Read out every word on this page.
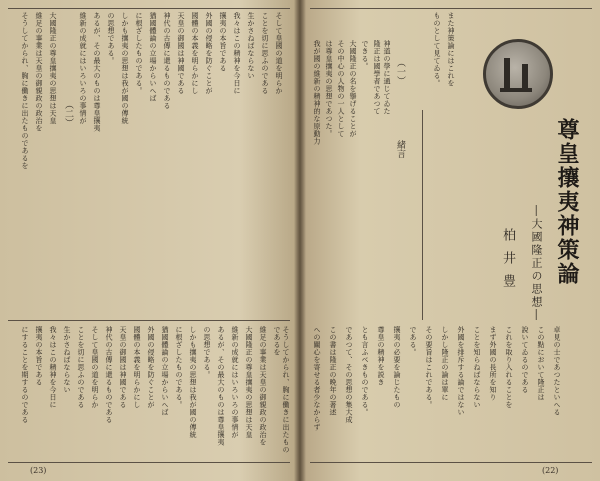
そうしてかられ、胸に働きに出たものであるを 維足の事業は天皇の御親政の政治を 大國隆正の尊皇攘夷の思想は天皇 （二） 維新の成就にはいろいろの事情が あるが、その最大のものは尊皇攘夷 の思想である。 しかも攘夷の思想は我が國の傳統 に根ざしたものである。 猶國體論の立場からいへば 神代の古傳に還るものである 天皇の御國は神國である 國體の本義を明らかにし 外國の侵略を防ぐことが 攘夷の本旨である 我々はこの精神を今日に 生かさねばならない ことを切に思ふのである そして皇國の道を明らか
にすることを期するのである 攘夷の本旨である 我々はこの精神を今日に 生かさねばならない ことを切に思ふのである そして皇國の道を明らか 神代の古傳に還るものである 天皇の御國は神國である 國體の本義を明らかにし 外國の侵略を防ぐことが 猶國體論の立場からいへば に根ざしたものである。 しかも攘夷の思想は我が國の傳統 の思想である。 あるが、その最大のものは尊皇攘夷 維新の成就にはいろいろの事情が 大國隆正の尊皇攘夷の思想は天皇 維足の事業は天皇の御親政の政治を	そうしてかられ、胸に働きに出たものであるを
(23)
ものとして見てゐる。 また神策論にはこれを
（一）
緒言
我が國の維新の精神的な原動力 は尊皇攘夷の思想であつた。 その中心の人物の一人として 大國隆正の名を擧げることが できる。 隆正は國學者であつて 神道の學に通じてゐた
尊皇攘夷神策論
―大國隆正の思想―
柏井豊
への關心を寄せる者少なからず この書は隆正の晩年の著述 であつて、その思想の集大成 とも言ふべきものである。 尊皇の精神を説き 攘夷の必要を論じたもの である。 その要旨はこれである。 しかし隆正の論は單に 外國を排斥する論ではない ことを知らねばならない まず外國の長所を知り これを取り入れることを 說いてゐるのである この點において隆正は 卓見の士であつたといへる
(22)
